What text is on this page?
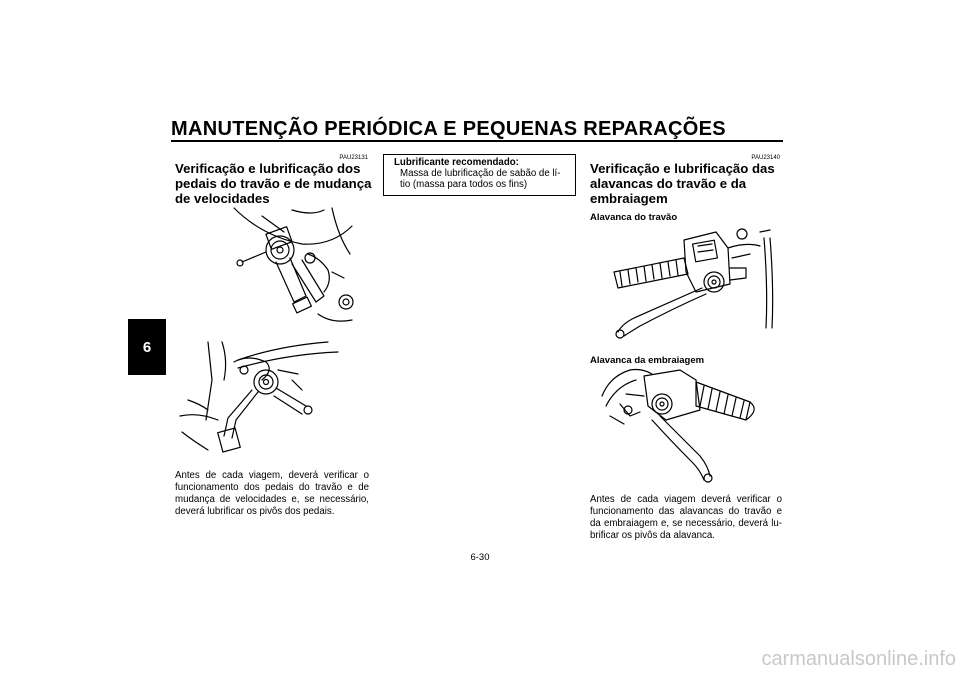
MANUTENÇÃO PERIÓDICA E PEQUENAS REPARAÇÕES
6
PAU23131
Verificação e lubrificação dos
pedais do travão e de mudança
de velocidades
Antes de cada viagem, deverá verificar o
funcionamento dos pedais do travão e de
mudança de velocidades e, se necessário,
deverá lubrificar os pivôs dos pedais.
Lubrificante recomendado:
Massa de lubrificação de sabão de lí-
tio (massa para todos os fins)
PAU23140
Verificação e lubrificação das
alavancas do travão e da
embraiagem
Alavanca do travão
Alavanca da embraiagem
Antes de cada viagem deverá verificar o
funcionamento das alavancas do travão e
da embraiagem e, se necessário, deverá lu-
brificar os pivôs da alavanca.
6-30
carmanualsonline.info
